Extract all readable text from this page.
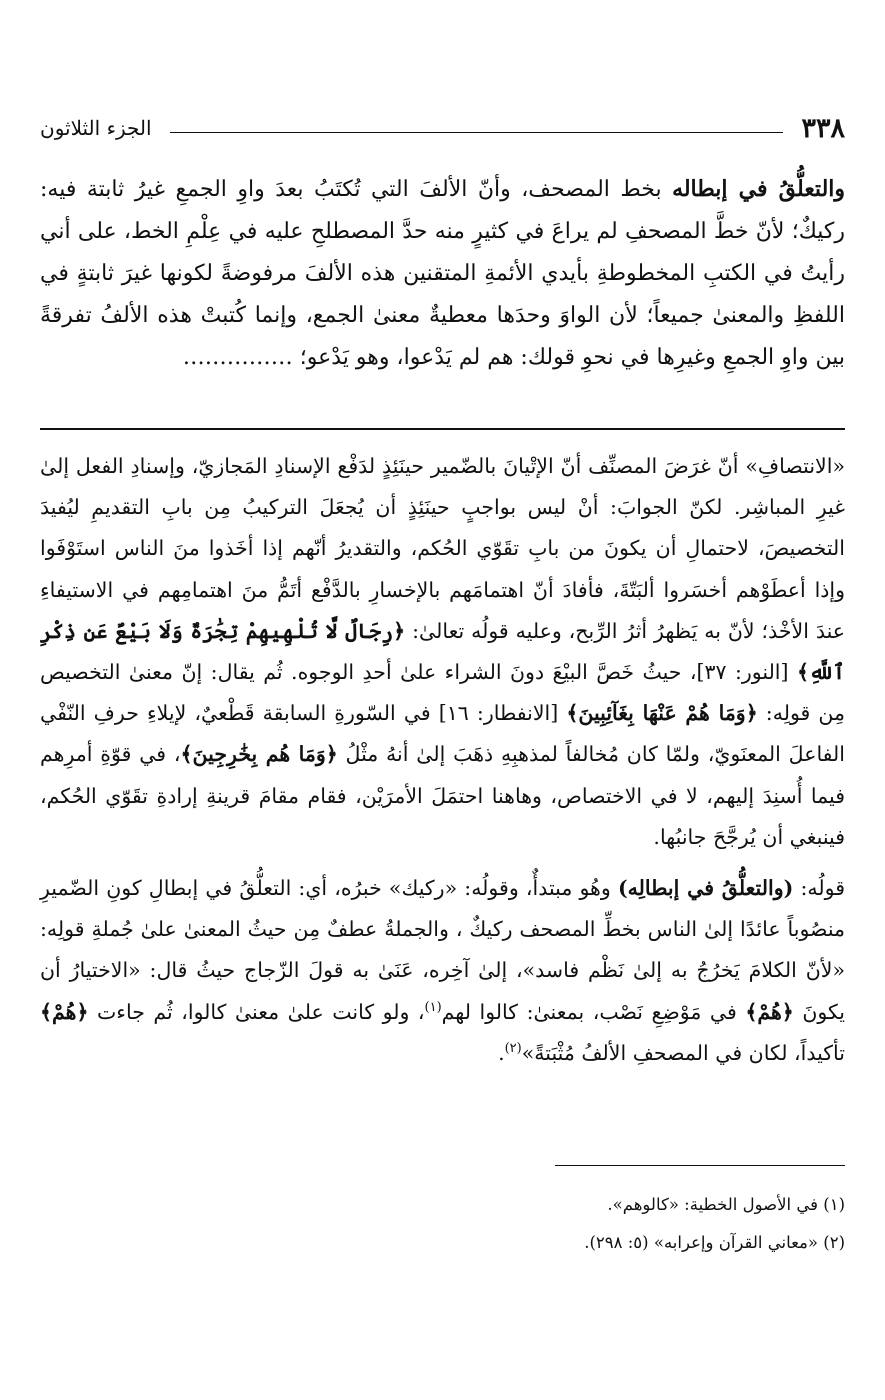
٣٣٨
الجزء الثلاثون

والتعلُّقُ في إبطاله بخط المصحف، وأنّ الألفَ التي تُكتَبُ بعدَ واوِ الجمعِ غيرُ ثابتة فيه: ركيكٌ؛ لأنّ خطَّ المصحفِ لم يراعَ في كثيرٍ منه حدَّ المصطلحِ عليه في عِلْمِ الخط، على أني رأيتُ في الكتبِ المخطوطةِ بأيدي الأئمةِ المتقنين هذه الألفَ مرفوضةً لكونها غيرَ ثابتةٍ في اللفظِ والمعنىٰ جميعاً؛ لأن الواوَ وحدَها معطيةٌ معنىٰ الجمع، وإنما كُتبتْ هذه الألفُ تفرقةً بين واوِ الجمعِ وغيرِها في نحوِ قولك: هم لم يَدْعوا، وهو يَدْعو؛ ……………

«الانتصافِ» أنّ غرَضَ المصنِّف أنّ الإتْيانَ بالضّمير حينَئِذٍ لدَفْع الإسنادِ المَجازيّ، وإسنادِ الفعل إلىٰ غيرِ المباشِر. لكنّ الجوابَ: أنْ ليس بواجبٍ حينَئِذٍ أن يُجعَلَ التركيبُ مِن بابِ التقديمِ ليُفيدَ التخصيصَ، لاحتمالِ أن يكونَ من بابِ تقَوّي الحُكم، والتقديرُ أنّهم إذا أخَذوا منَ الناس استَوْفَوا وإذا أعطَوْهم أخسَروا ألبَتّةَ، فأفادَ أنّ اهتمامَهم بالإخسارِ بالدَّفْع أتَمُّ منَ اهتمامِهم في الاستيفاءِ عندَ الأخْذ؛ لأنّ به يَظهرُ أثرُ الرِّبح، وعليه قولُه تعالىٰ: ﴿رِجَالٌ لَّا تُلْهِيهِمْ تِجَٰرَةٌ وَلَا بَيْعٌ عَن ذِكْرِ ٱللَّهِ﴾ [النور: ٣٧]، حيثُ خَصَّ البيْعَ دونَ الشراء علىٰ أحدِ الوجوه. ثُم يقال: إنّ معنىٰ التخصيص مِن قولِه: ﴿وَمَا هُمْ عَنْهَا بِغَآئِبِينَ﴾ [الانفطار: ١٦] في السّورةِ السابقة قَطْعيٌ، لإيلاءِ حرفِ النّفْي الفاعلَ المعنَويّ، ولمّا كان مُخالفاً لمذهبِهِ ذهَبَ إلىٰ أنهُ مثْلُ ﴿وَمَا هُم بِخَٰرِجِينَ﴾، في قوّةِ أمرِهم فيما أُسنِدَ إليهم، لا في الاختصاص، وهاهنا احتمَلَ الأمرَيْن، فقام مقامَ قرينةِ إرادةِ تقَوّي الحُكم، فينبغي أن يُرجَّحَ جانبُها.

قولُه: (والتعلُّقُ في إبطالِه) وهُو مبتدأٌ، وقولُه: «ركيك» خبرُه، أي: التعلُّقُ في إبطالِ كونِ الضّميرِ منصُوباً عائدًا إلىٰ الناس بخطِّ المصحف ركيكٌ ، والجملةُ عطفٌ مِن حيثُ المعنىٰ علىٰ جُملةِ قولِه: «لأنّ الكلامَ يَخرُجُ به إلىٰ نَظْم فاسد»، إلىٰ آخِره، عَنَىٰ به قولَ الزّجاج حيثُ قال: «الاختيارُ أن يكونَ ﴿هُمْ﴾ في مَوْضِعِ نَصْب، بمعنىٰ: كالوا لهم$^{(١)}$، ولو كانت علىٰ معنىٰ كالوا، ثُم جاءت ﴿هُمْ﴾ تأكيداً، لكان في المصحفِ الألفُ مُثْبَتةً»$^{(٢)}$.

(١) في الأصول الخطية: «كالوهم».

(٢) «معاني القرآن وإعرابه» (٥: ٢٩٨).
